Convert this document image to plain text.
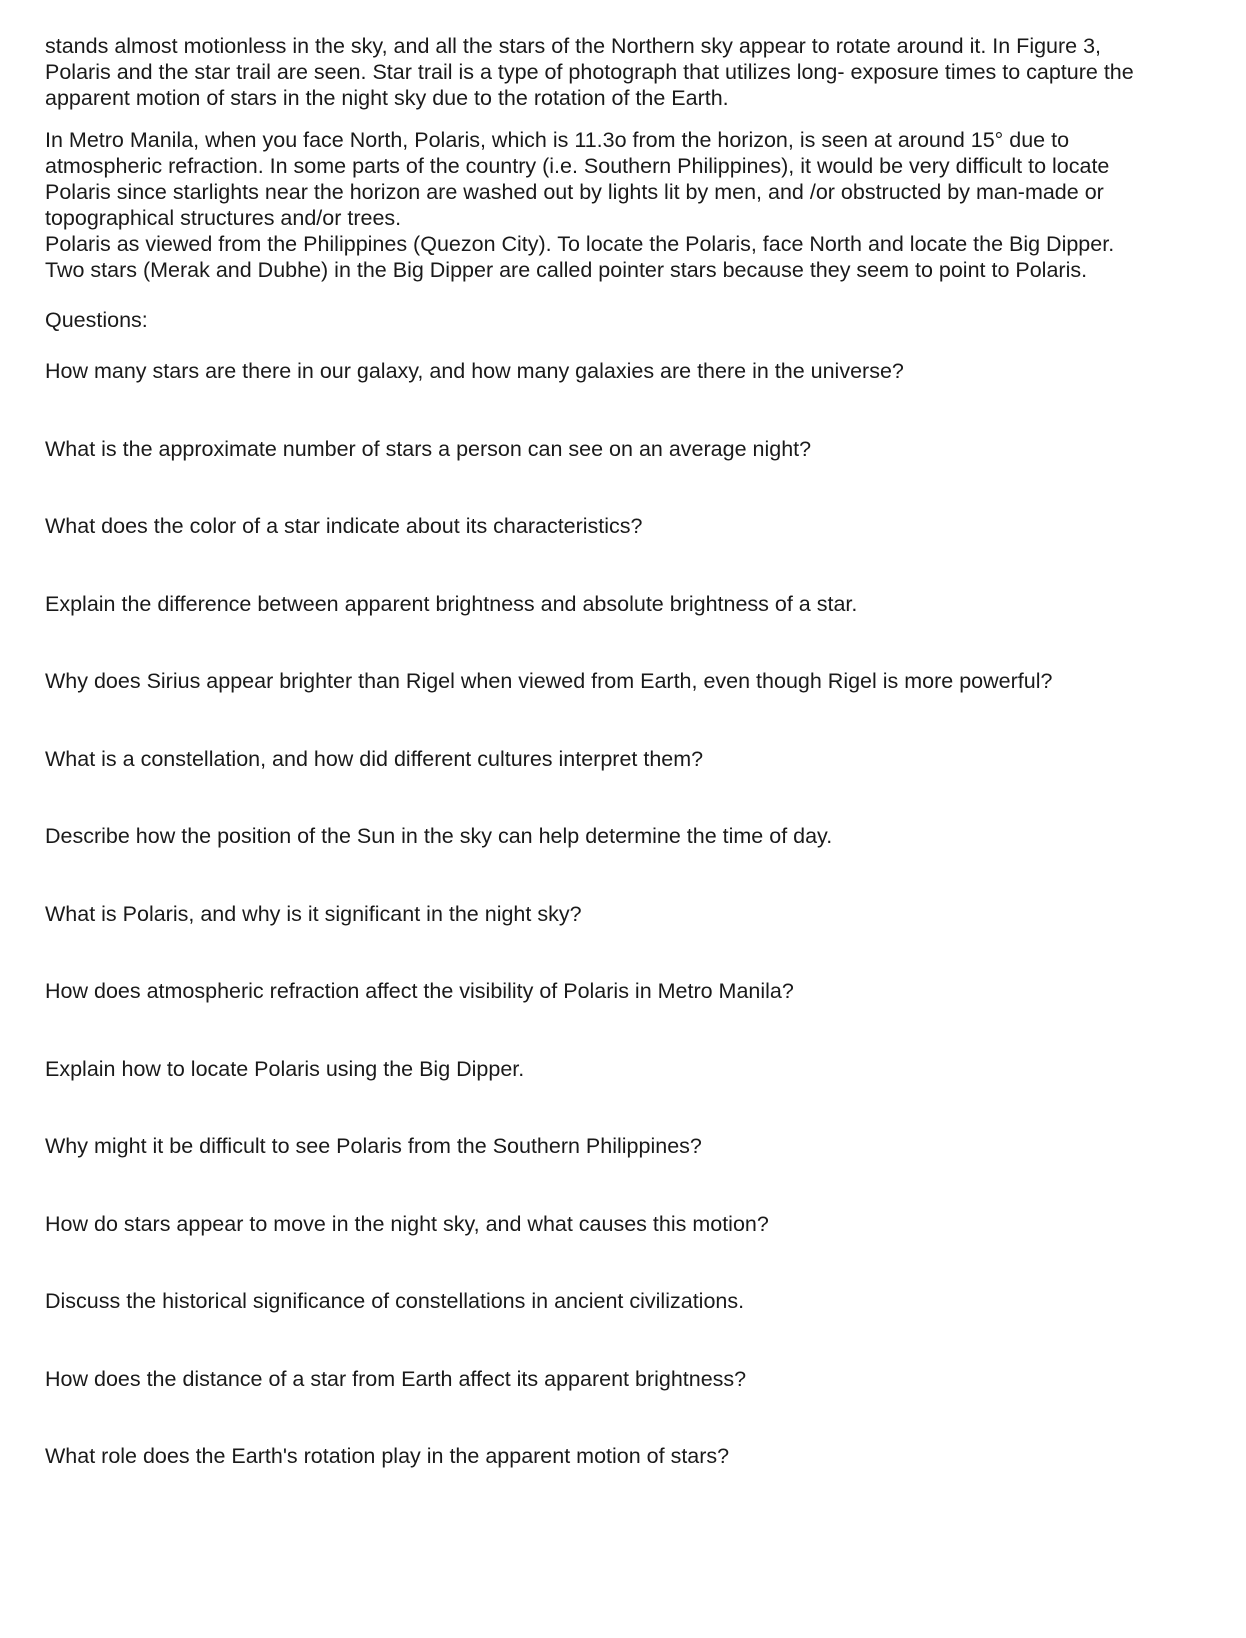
stands almost motionless in the sky, and all the stars of the Northern sky appear to rotate around it. In Figure 3,
Polaris and the star trail are seen. Star trail is a type of photograph that utilizes long- exposure times to capture the
apparent motion of stars in the night sky due to the rotation of the Earth.

In Metro Manila, when you face North, Polaris, which is 11.3o from the horizon, is seen at around 15° due to
atmospheric refraction. In some parts of the country (i.e. Southern Philippines), it would be very difficult to locate
Polaris since starlights near the horizon are washed out by lights lit by men, and /or obstructed by man-made or
topographical structures and/or trees.

Polaris as viewed from the Philippines (Quezon City). To locate the Polaris, face North and locate the Big Dipper.
Two stars (Merak and Dubhe) in the Big Dipper are called pointer stars because they seem to point to Polaris.

Questions:
How many stars are there in our galaxy, and how many galaxies are there in the universe?
What is the approximate number of stars a person can see on an average night?
What does the color of a star indicate about its characteristics?
Explain the difference between apparent brightness and absolute brightness of a star.
Why does Sirius appear brighter than Rigel when viewed from Earth, even though Rigel is more powerful?
What is a constellation, and how did different cultures interpret them?
Describe how the position of the Sun in the sky can help determine the time of day.
What is Polaris, and why is it significant in the night sky?
How does atmospheric refraction affect the visibility of Polaris in Metro Manila?
Explain how to locate Polaris using the Big Dipper.
Why might it be difficult to see Polaris from the Southern Philippines?
How do stars appear to move in the night sky, and what causes this motion?
Discuss the historical significance of constellations in ancient civilizations.
How does the distance of a star from Earth affect its apparent brightness?
What role does the Earth's rotation play in the apparent motion of stars?
